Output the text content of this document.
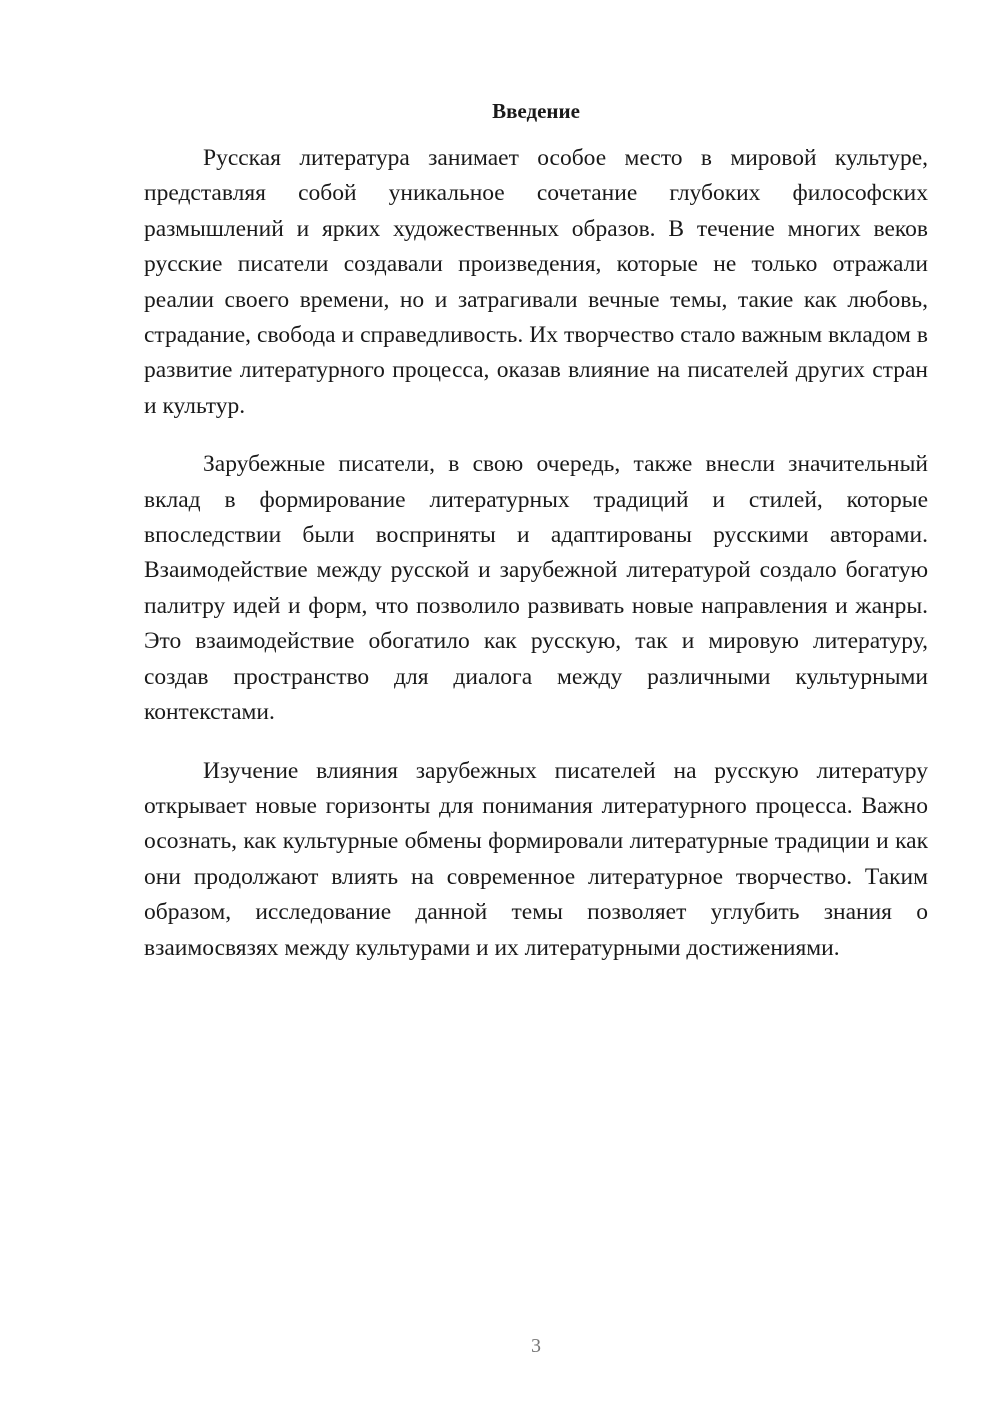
Введение

Русская литература занимает особое место в мировой культуре, представляя собой уникальное сочетание глубоких философских размышлений и ярких художественных образов. В течение многих веков русские писатели создавали произведения, которые не только отражали реалии своего времени, но и затрагивали вечные темы, такие как любовь, страдание, свобода и справедливость. Их творчество стало важным вкладом в развитие литературного процесса, оказав влияние на писателей других стран и культур.

Зарубежные писатели, в свою очередь, также внесли значительный вклад в формирование литературных традиций и стилей, которые впоследствии были восприняты и адаптированы русскими авторами. Взаимодействие между русской и зарубежной литературой создало богатую палитру идей и форм, что позволило развивать новые направления и жанры. Это взаимодействие обогатило как русскую, так и мировую литературу, создав пространство для диалога между различными культурными контекстами.

Изучение влияния зарубежных писателей на русскую литературу открывает новые горизонты для понимания литературного процесса. Важно осознать, как культурные обмены формировали литературные традиции и как они продолжают влиять на современное литературное творчество. Таким образом, исследование данной темы позволяет углубить знания о взаимосвязях между культурами и их литературными достижениями.

3
